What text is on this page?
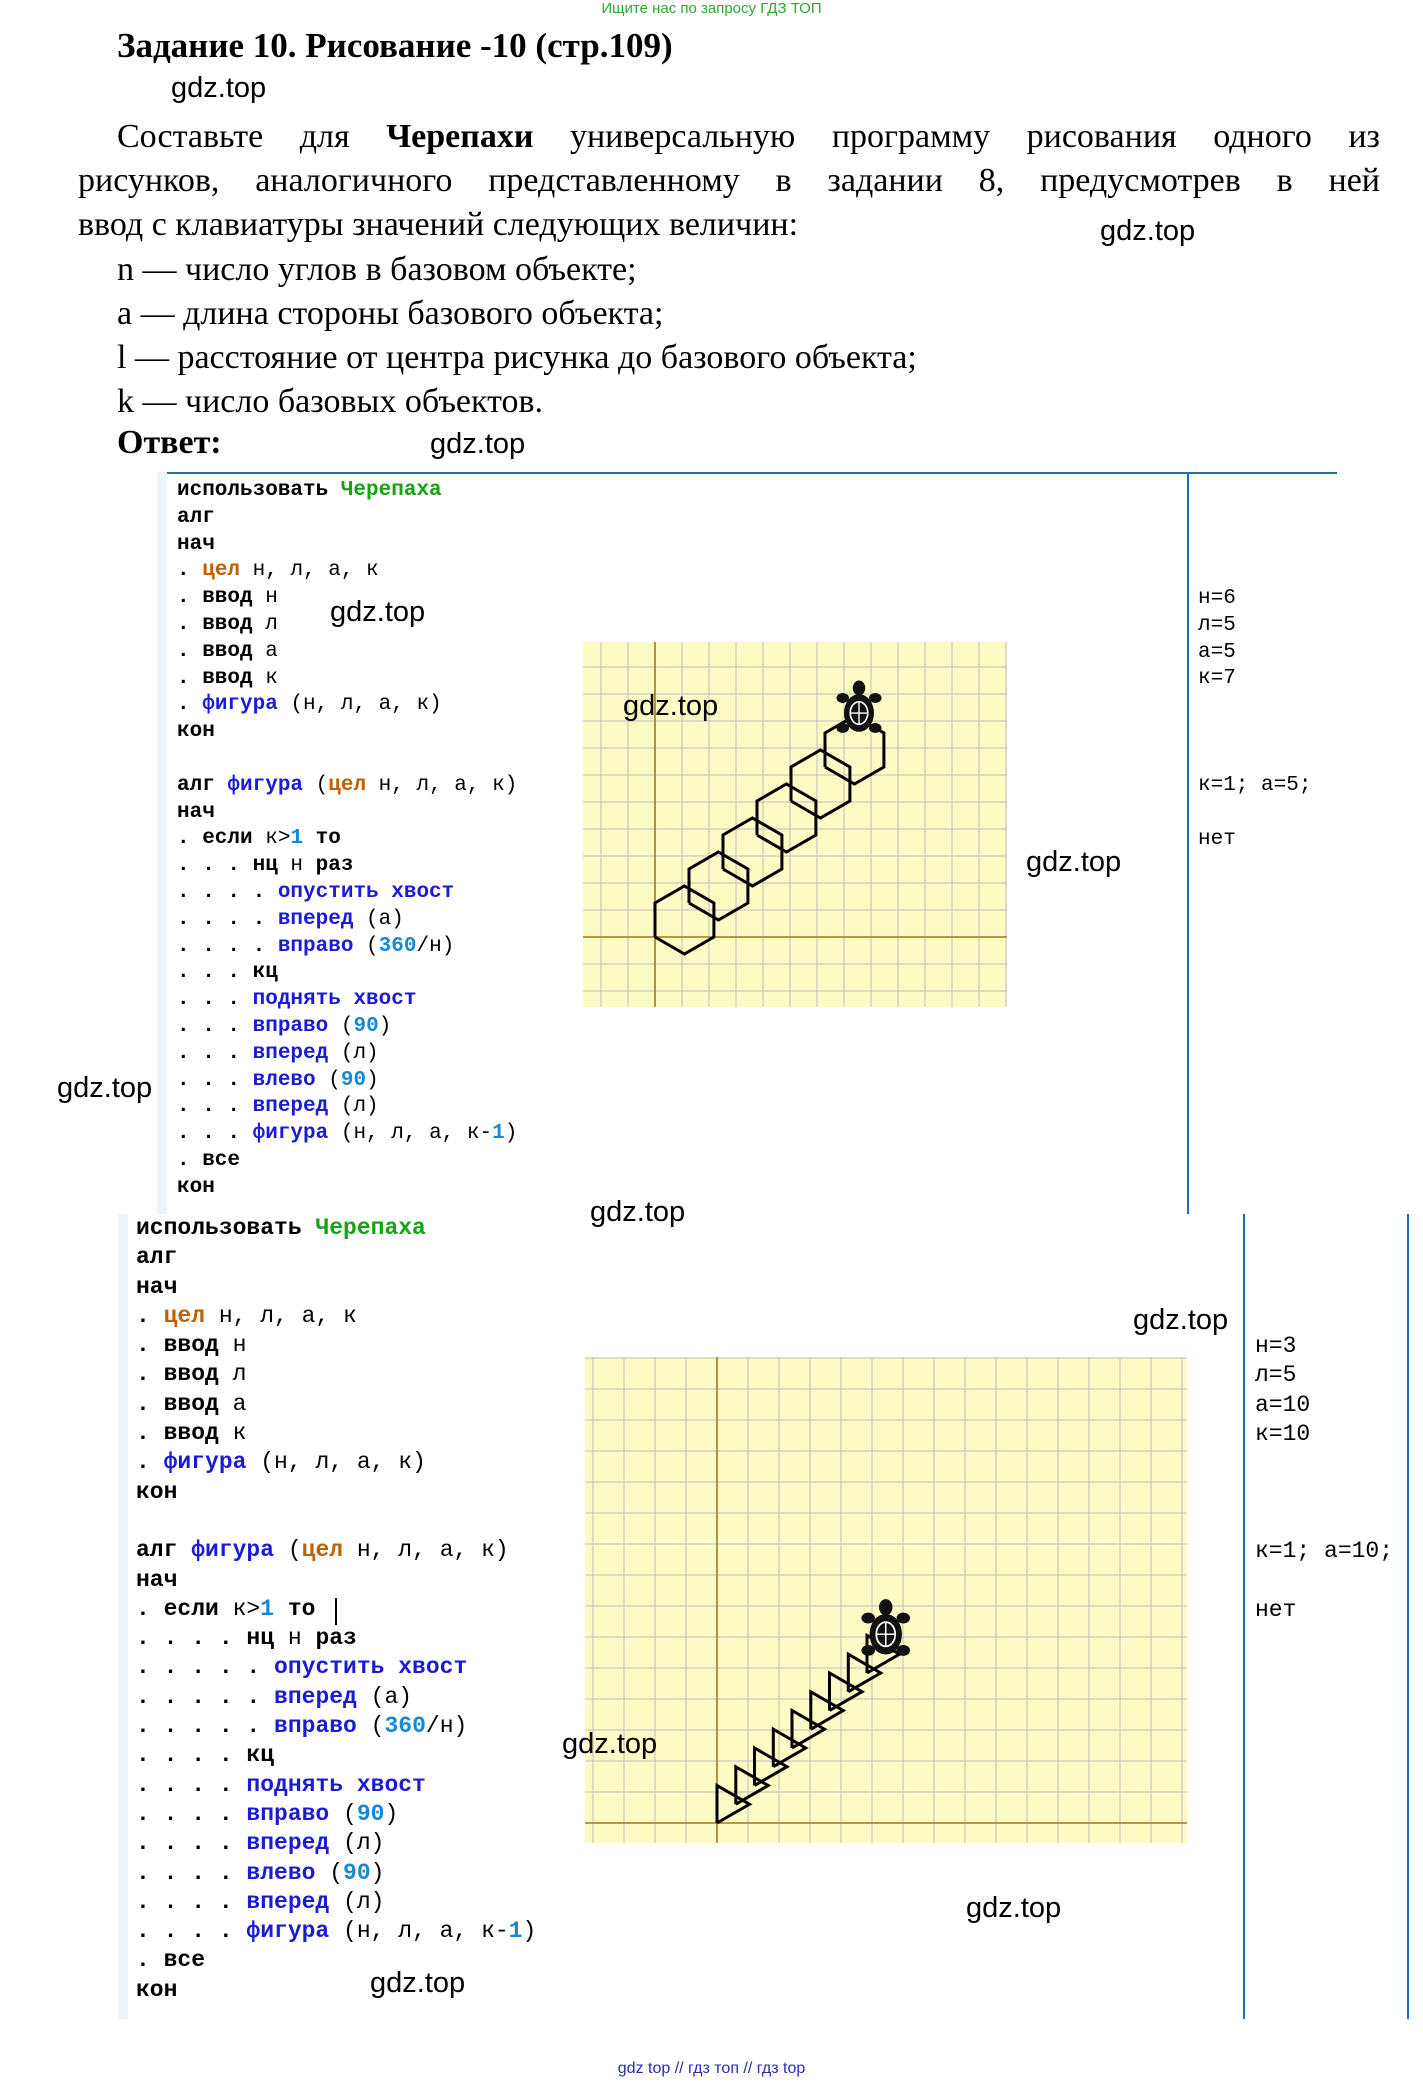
Ищите нас по запросу ГДЗ ТОП
Задание 10. Рисование -10 (стр.109)
gdz.top
Составьте для Черепахи универсальную программу рисования одного из
рисунков, аналогичного представленному в задании 8, предусмотрев в ней
ввод с клавиатуры значений следующих величин:	gdz.top
n — число углов в базовом объекте;
a — длина стороны базового объекта;
l — расстояние от центра рисунка до базового объекта;
k — число базовых объектов.
Ответ:	gdz.top
использовать Черепаха
алг
нач
. цел н, л, а, к
. ввод н
. ввод л
. ввод а
. ввод к
. фигура (н, л, а, к)
кон

алг фигура (цел н, л, а, к)
нач
. если к>1 то
. . . нц н раз
. . . . опустить хвост
. . . . вперед (а)
. . . . вправо (360/н)
. . . кц
. . . поднять хвост
. . . вправо (90)
. . . вперед (л)
. . . влево (90)
. . . вперед (л)
. . . фигура (н, л, а, к-1)
. все
кон
н=6
л=5
а=5
к=7
к=1; а=5;
нет
gdz.top
gdz.top
gdz.top
gdz.top
gdz.top
использовать Черепаха
алг
нач
. цел н, л, а, к
. ввод н
. ввод л
. ввод а
. ввод к
. фигура (н, л, а, к)
кон

алг фигура (цел н, л, а, к)
нач
. если к>1 то
. . . . нц н раз
. . . . . опустить хвост
. . . . . вперед (а)
. . . . . вправо (360/н)
. . . . кц
. . . . поднять хвост
. . . . вправо (90)
. . . . вперед (л)
. . . . влево (90)
. . . . вперед (л)
. . . . фигура (н, л, а, к-1)
. все
кон
н=3
л=5
а=10
к=10
к=1; а=10;
нет
gdz.top
gdz.top
gdz.top
gdz.top
gdz top // гдз топ // гдз top
